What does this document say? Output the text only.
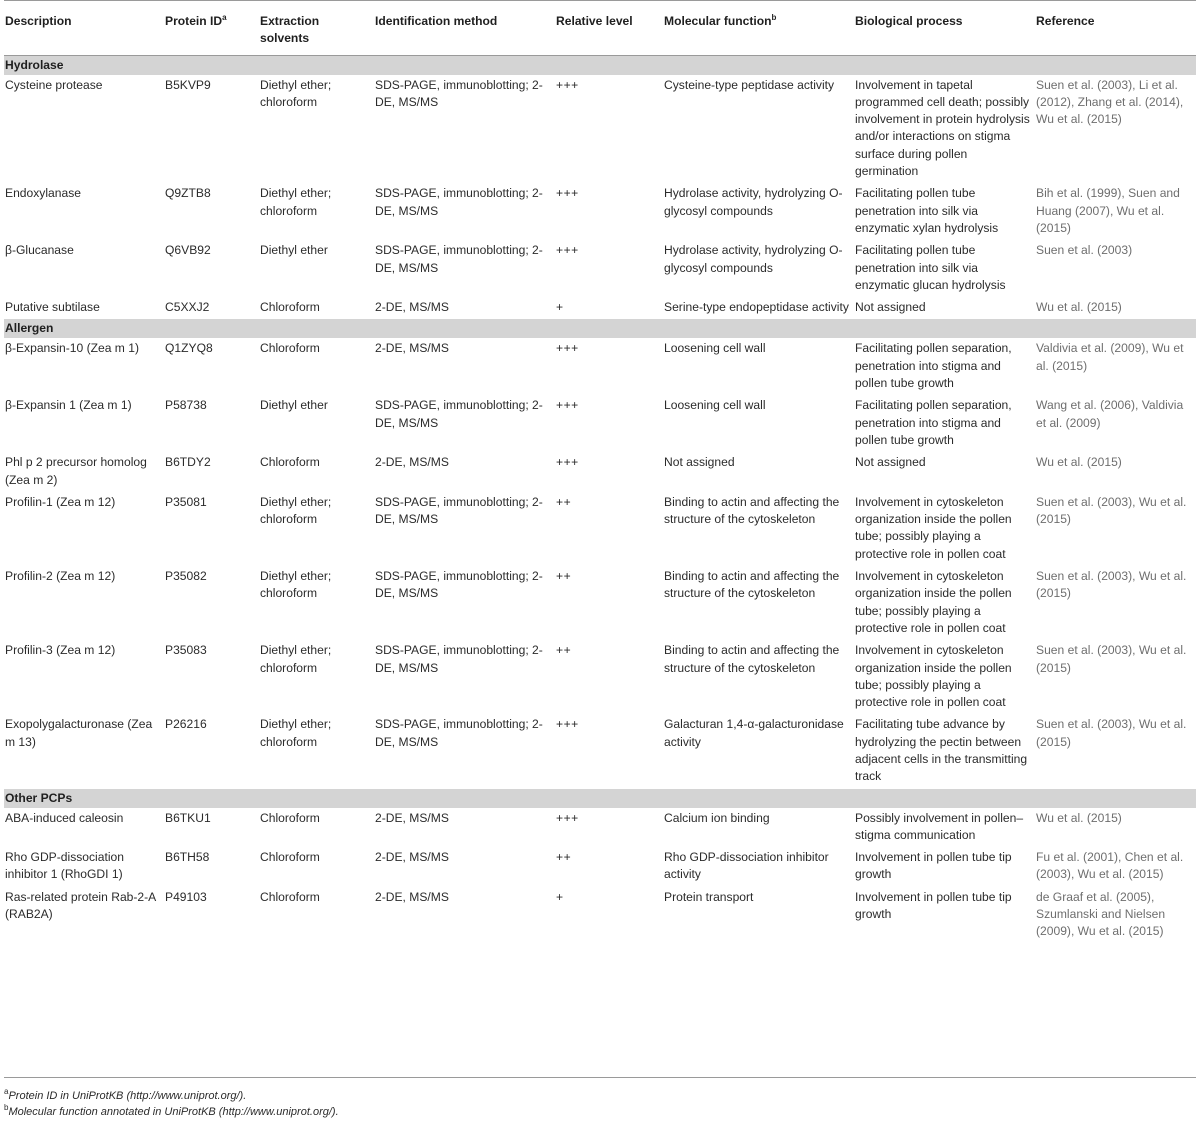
Description	Protein $ID^a$	Extraction solvents	Identification method	Relative level	Molecular function$^b$	Biological process	Reference
Hydrolase							
Cysteine protease	B5KVP9	Diethyl ether; chloroform	SDS-PAGE, immunoblotting; 2-DE, MS/MS	+++	Cysteine-type peptidase activity	Involvement in tapetal programmed cell death; possibly involvement in protein hydrolysis and/or interactions on stigma surface during pollen germination	Suen et al. (2003), Li et al. (2012), Zhang et al. (2014), Wu et al. (2015)
Endoxylanase	Q9ZTB8	Diethyl ether; chloroform	SDS-PAGE, immunoblotting; 2-DE, MS/MS	+++	Hydrolase activity, hydrolyzing O-glycosyl compounds	Facilitating pollen tube penetration into silk via enzymatic xylan hydrolysis	Bih et al. (1999), Suen and Huang (2007), Wu et al. (2015)
β-Glucanase	Q6VB92	Diethyl ether	SDS-PAGE, immunoblotting; 2-DE, MS/MS	+++	Hydrolase activity, hydrolyzing O-glycosyl compounds	Facilitating pollen tube penetration into silk via enzymatic glucan hydrolysis	Suen et al. (2003)
Putative subtilase	C5XXJ2	Chloroform	2-DE, MS/MS	+	Serine-type endopeptidase activity	Not assigned	Wu et al. (2015)
Allergen							
β-Expansin-10 (Zea m 1)	Q1ZYQ8	Chloroform	2-DE, MS/MS	+++	Loosening cell wall	Facilitating pollen separation, penetration into stigma and pollen tube growth	Valdivia et al. (2009), Wu et al. (2015)
β-Expansin 1 (Zea m 1)	P58738	Diethyl ether	SDS-PAGE, immunoblotting; 2-DE, MS/MS	+++	Loosening cell wall	Facilitating pollen separation, penetration into stigma and pollen tube growth	Wang et al. (2006), Valdivia et al. (2009)
Phl p 2 precursor homolog (Zea m 2)	B6TDY2	Chloroform	2-DE, MS/MS	+++	Not assigned	Not assigned	Wu et al. (2015)
Profilin-1 (Zea m 12)	P35081	Diethyl ether; chloroform	SDS-PAGE, immunoblotting; 2-DE, MS/MS	++	Binding to actin and affecting the structure of the cytoskeleton	Involvement in cytoskeleton organization inside the pollen tube; possibly playing a protective role in pollen coat	Suen et al. (2003), Wu et al. (2015)
Profilin-2 (Zea m 12)	P35082	Diethyl ether; chloroform	SDS-PAGE, immunoblotting; 2-DE, MS/MS	++	Binding to actin and affecting the structure of the cytoskeleton	Involvement in cytoskeleton organization inside the pollen tube; possibly playing a protective role in pollen coat	Suen et al. (2003), Wu et al. (2015)
Profilin-3 (Zea m 12)	P35083	Diethyl ether; chloroform	SDS-PAGE, immunoblotting; 2-DE, MS/MS	++	Binding to actin and affecting the structure of the cytoskeleton	Involvement in cytoskeleton organization inside the pollen tube; possibly playing a protective role in pollen coat	Suen et al. (2003), Wu et al. (2015)
Exopolygalacturonase (Zea m 13)	P26216	Diethyl ether; chloroform	SDS-PAGE, immunoblotting; 2-DE, MS/MS	+++	Galacturan 1,4-α-galacturonidase activity	Facilitating tube advance by hydrolyzing the pectin between adjacent cells in the transmitting track	Suen et al. (2003), Wu et al. (2015)
Other PCPs							
ABA-induced caleosin	B6TKU1	Chloroform	2-DE, MS/MS	+++	Calcium ion binding	Possibly involvement in pollen–stigma communication	Wu et al. (2015)
Rho GDP-dissociation inhibitor 1 (RhoGDI 1)	B6TH58	Chloroform	2-DE, MS/MS	++	Rho GDP-dissociation inhibitor activity	Involvement in pollen tube tip growth	Fu et al. (2001), Chen et al. (2003), Wu et al. (2015)
Ras-related protein Rab-2-A (RAB2A)	P49103	Chloroform	2-DE, MS/MS	+	Protein transport	Involvement in pollen tube tip growth	de Graaf et al. (2005), Szumlanski and Nielsen (2009), Wu et al. (2015)
$^a$Protein ID in UniProtKB (http://www.uniprot.org/).
$^b$Molecular function annotated in UniProtKB (http://www.uniprot.org/).
